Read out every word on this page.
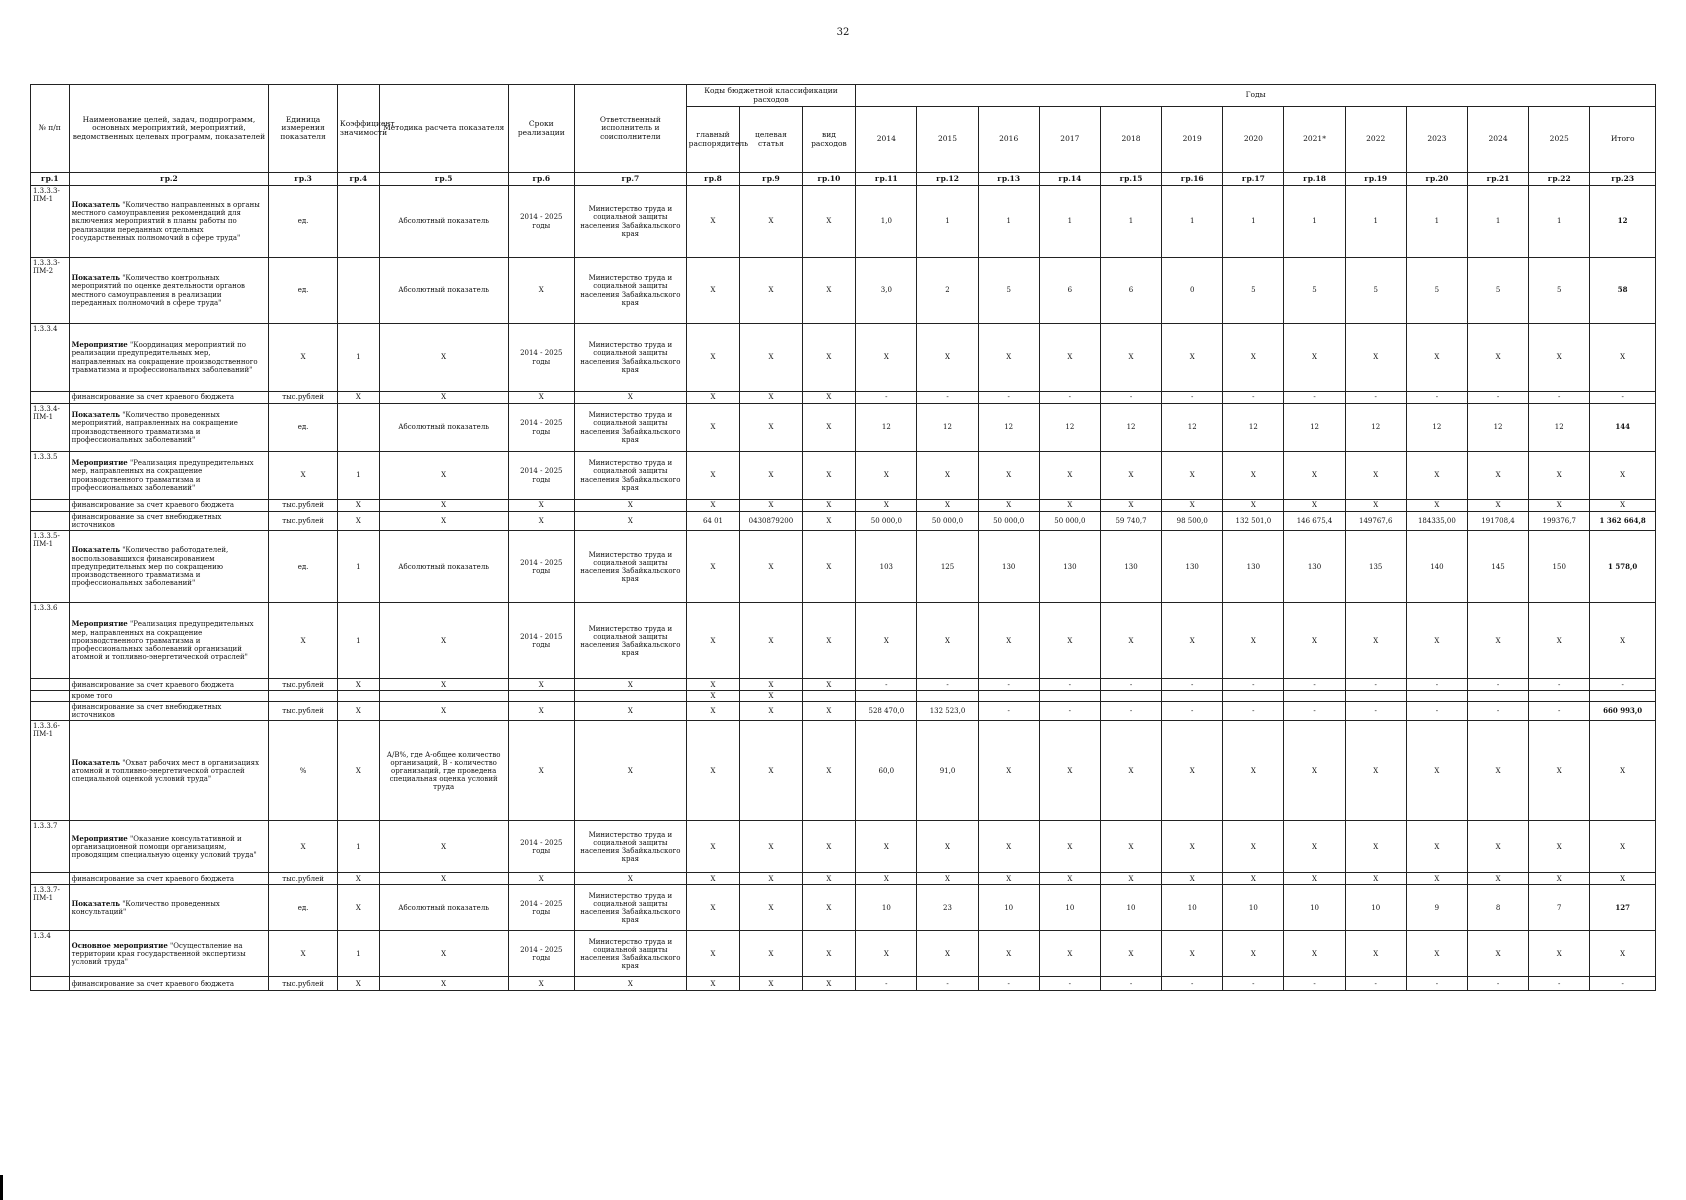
32
№ п/п	Наименование целей, задач, подпрограмм, основных мероприятий, мероприятий, ведомственных целевых программ, показателей	Единица измерения показателя	Коэффициент значимости	Методика расчета показателя	Сроки реализации	Ответственный исполнитель и соисполнители	Коды бюджетной классификации расходов			Годы												
							главный распорядитель	целевая статья	вид расходов	2014	2015	2016	2017	2018	2019	2020	2021*	2022	2023	2024	2025	Итого
гр.1	гр.2	гр.3	гр.4	гр.5	гр.6	гр.7	гр.8	гр.9	гр.10	гр.11	гр.12	гр.13	гр.14	гр.15	гр.16	гр.17	гр.18	гр.19	гр.20	гр.21	гр.22	гр.23
1.3.3.3-ПМ-1	Показатель "Количество направленных в органы местного самоуправления рекомендаций для включения мероприятий в планы работы по реализации переданных отдельных государственных полномочий в сфере труда"	ед.		Абсолютный показатель	2014 - 2025 годы	Министерство труда и социальной защиты населения Забайкальского края	X	X	X	1,0	1	1	1	1	1	1	1	1	1	1	1	12
1.3.3.3-ПМ-2	Показатель "Количество контрольных мероприятий по оценке деятельности органов местного самоуправления в реализации переданных полномочий в сфере труда"	ед.		Абсолютный показатель	X	Министерство труда и социальной защиты населения Забайкальского края	X	X	X	3,0	2	5	6	6	0	5	5	5	5	5	5	58
1.3.3.4	Мероприятие "Координация мероприятий по реализации предупредительных мер, направленных на сокращение производственного травматизма и профессиональных заболеваний"	X	1	X	2014 - 2025 годы	Министерство труда и социальной защиты населения Забайкальского края	X	X	X	X	X	X	X	X	X	X	X	X	X	X	X	X
	финансирование за счет краевого бюджета	тыс.рублей	X	X	X	X	X	X	X	-	-	-	-	-	-	-	-	-	-	-	-	-
1.3.3.4-ПМ-1	Показатель "Количество проведенных мероприятий, направленных на сокращение производственного травматизма и профессиональных заболеваний"	ед.		Абсолютный показатель	2014 - 2025 годы	Министерство труда и социальной защиты населения Забайкальского края	X	X	X	12	12	12	12	12	12	12	12	12	12	12	12	144
1.3.3.5	Мероприятие "Реализация предупредительных мер, направленных на сокращение производственного травматизма и профессиональных заболеваний"	X	1	X	2014 - 2025 годы	Министерство труда и социальной защиты населения Забайкальского края	X	X	X	X	X	X	X	X	X	X	X	X	X	X	X	X
	финансирование за счет краевого бюджета	тыс.рублей	X	X	X	X	X	X	X	X	X	X	X	X	X	X	X	X	X	X	X	X
	финансирование за счет внебюджетных источников	тыс.рублей	X	X	X	X	64 01	0430879200	X	50 000,0	50 000,0	50 000,0	50 000,0	59 740,7	98 500,0	132 501,0	146 675,4	149767,6	184335,00	191708,4	199376,7	1 362 664,8
1.3.3.5-ПМ-1	Показатель "Количество работодателей, воспользовавшихся финансированием предупредительных мер по сокращению производственного травматизма и профессиональных заболеваний"	ед.	1	Абсолютный показатель	2014 - 2025 годы	Министерство труда и социальной защиты населения Забайкальского края	X	X	X	103	125	130	130	130	130	130	130	135	140	145	150	1 578,0
1.3.3.6	Мероприятие "Реализация предупредительных мер, направленных на сокращение производственного травматизма и профессиональных заболеваний организаций атомной и топливно-энергетической отраслей"	X	1	X	2014 - 2015 годы	Министерство труда и социальной защиты населения Забайкальского края	X	X	X	X	X	X	X	X	X	X	X	X	X	X	X	X
	финансирование за счет краевого бюджета	тыс.рублей	X	X	X	X	X	X	X	-	-	-	-	-	-	-	-	-	-	-	-	-
	кроме того						X	X														
	финансирование за счет внебюджетных источников	тыс.рублей	X	X	X	X	X	X	X	528 470,0	132 523,0	-	-	-	-	-	-	-	-	-	-	660 993,0
1.3.3.6-ПМ-1	Показатель "Охват рабочих мест в организациях атомной и топливно-энергетической отраслей специальной оценкой условий труда"	%	X	А/В%, где А-общее количество организаций, В - количество организаций, где проведена специальная оценка условий труда	X	X	X	X	X	60,0	91,0	X	X	X	X	X	X	X	X	X	X	X
1.3.3.7	Мероприятие "Оказание консультативной и организационной помощи организациям, проводящим специальную оценку условий труда"	X	1	X	2014 - 2025 годы	Министерство труда и социальной защиты населения Забайкальского края	X	X	X	X	X	X	X	X	X	X	X	X	X	X	X	X
	финансирование за счет краевого бюджета	тыс.рублей	X	X	X	X	X	X	X	X	X	X	X	X	X	X	X	X	X	X	X	X
1.3.3.7-ПМ-1	Показатель "Количество проведенных консультаций"	ед.	X	Абсолютный показатель	2014 - 2025 годы	Министерство труда и социальной защиты населения Забайкальского края	X	X	X	10	23	10	10	10	10	10	10	10	9	8	7	127
1.3.4	Основное мероприятие "Осуществление на территории края государственной экспертизы условий труда"	X	1	X	2014 - 2025 годы	Министерство труда и социальной защиты населения Забайкальского края	X	X	X	X	X	X	X	X	X	X	X	X	X	X	X	X
	финансирование за счет краевого бюджета	тыс.рублей	X	X	X	X	X	X	X	-	-	-	-	-	-	-	-	-	-	-	-	-
